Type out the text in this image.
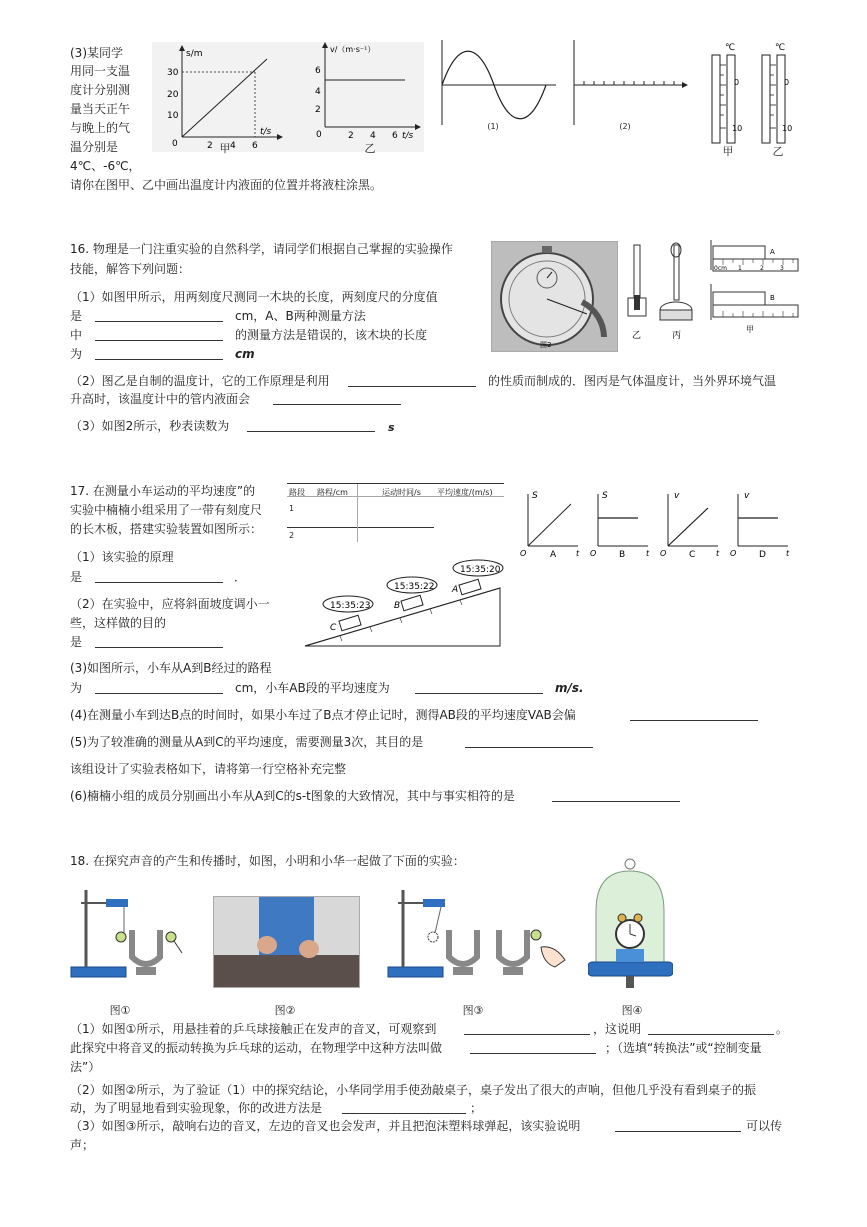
(3)某同学
用同一支温
度计分别测
量当天正午
与晚上的气
温分别是
4℃、-6℃，
请你在图甲、乙中画出温度计内液面的位置并将液柱涂黑。
s/m
30
20
10
0	2 4 6
t/s
甲
v/（m·s⁻¹）
6
4
2
0	2 4 6 t/s
乙
(1)	(2)
℃
0
10
℃
0
10
甲	乙
16. 物理是一门注重实验的自然科学，请同学们根据自己掌握的实验操作
技能，解答下列问题：
（1）如图甲所示，用两刻度尺测同一木块的长度，两刻度尺的分度值
是	cm，A、B两种测量方法
中	的测量方法是错误的，该木块的长度
为	cm
图2
乙	丙
A
0cm 1	2	3
B
甲
（2）图乙是自制的温度计，它的工作原理是利用	的性质而制成的．图丙是气体温度计，当外界环境气温
升高时，该温度计中的管内液面会
（3）如图2所示，秒表读数为	s
17. 在测量小车运动的平均速度”的
实验中楠楠小组采用了一带有刻度尺
的长木板，搭建实验装置如图所示：
路段 路程/cm	运动时间/s 平均速度/(m/s)
1
2
S
t
O	A
S
t
O	B
v
t
O	C
v
t
O	D
（1）该实验的原理
是	．
（2）在实验中，应将斜面坡度调小一
些，这样做的目的
是
15:35:23
15:35:22
15:35:20
A
B
C
(3)如图所示，小车从A到B经过的路程
为	cm，小车AB段的平均速度为	m/s.
(4)在测量小车到达B点的时间时，如果小车过了B点才停止记时，测得AB段的平均速度VAB会偏
(5)为了较准确的测量从A到C的平均速度，需要测量3次，其目的是
该组设计了实验表格如下，请将第一行空格补充完整
(6)楠楠小组的成员分别画出小车从A到C的s-t图象的大致情况，其中与事实相符的是
18. 在探究声音的产生和传播时，如图，小明和小华一起做了下面的实验：
图①	图②	图③	图④
（1）如图①所示，用悬挂着的乒乓球接触正在发声的音叉，可观察到	，这说明	。
此探究中将音叉的振动转换为乒乓球的运动，在物理学中这种方法叫做	；（选填“转换法”或“控制变量
法”）
（2）如图②所示，为了验证（1）中的探究结论，小华同学用手使劲敲桌子，桌子发出了很大的声响，但他几乎没有看到桌子的振
动，为了明显地看到实验现象，你的改进方法是	；
（3）如图③所示，敲响右边的音叉，左边的音叉也会发声，并且把泡沫塑料球弹起，该实验说明	可以传
声；
